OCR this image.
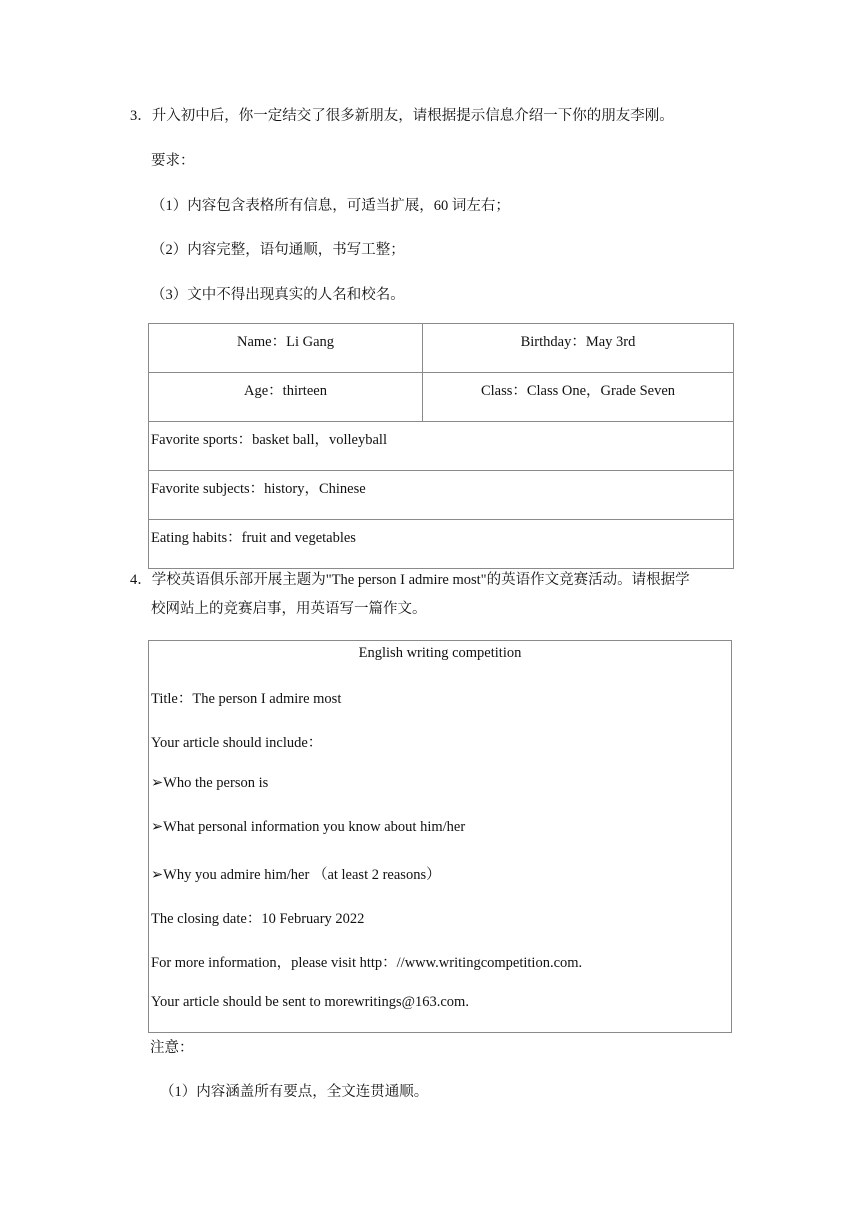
3．升入初中后，你一定结交了很多新朋友，请根据提示信息介绍一下你的朋友李刚。
要求：
（1）内容包含表格所有信息，可适当扩展，60 词左右；
（2）内容完整，语句通顺，书写工整；
（3）文中不得出现真实的人名和校名。
Name：Li Gang	Birthday：May 3rd
Age：thirteen	Class：Class One，Grade Seven
Favorite sports：basket ball，volleyball	
Favorite subjects：history，Chinese	
Eating habits：fruit and vegetables	
4．学校英语俱乐部开展主题为"The person I admire most"的英语作文竞赛活动。请根据学
校网站上的竞赛启事，用英语写一篇作文。
English writing competition
Title：The person I admire most
Your article should include：
➢Who the person is
➢What personal information you know about him/her
➢Why you admire him/her （at least 2 reasons）
The closing date：10 February 2022
For more information，please visit http：//www.writingcompetition.com.
Your article should be sent to morewritings@163.com.
注意：
（1）内容涵盖所有要点，全文连贯通顺。
